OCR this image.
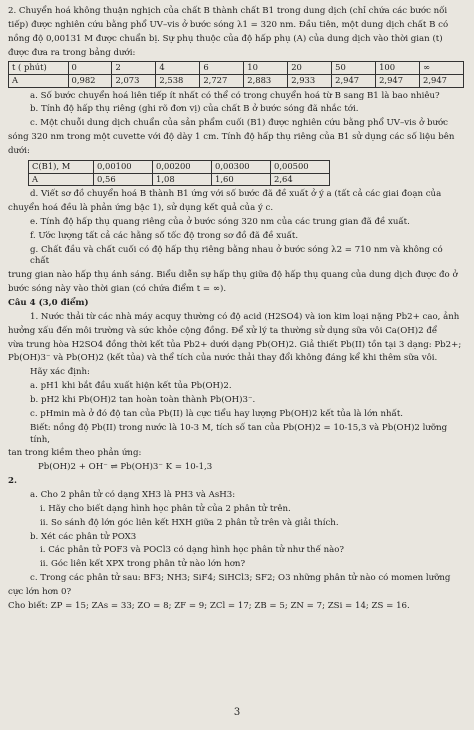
2. Chuyển hoá không thuận nghịch của chất B thành chất B1 trong dung dịch (chỉ chứa các bước nối

tiếp) được nghiên cứu bằng phổ UV–vis ở bước sóng λ1 = 320 nm. Đầu tiên, một dung dịch chất B có

nồng độ 0,00131 M được chuẩn bị. Sự phụ thuộc của độ hấp phụ (A) của dung dịch vào thời gian (t)

được đưa ra trong bảng dưới:

t ( phút)	0	2	4	6	10	20	50	100	∞
A	0,982	2,073	2,538	2,727	2,883	2,933	2,947	2,947	2,947

a. Số bước chuyển hoá liên tiếp ít nhất có thể có trong chuyển hoá từ B sang B1 là bao nhiêu?

b. Tính độ hấp thụ riêng (ghi rõ đơn vị) của chất B ở bước sóng đã nhắc tới.

c. Một chuỗi dung dịch chuẩn của sản phẩm cuối (B1) được nghiên cứu bằng phổ UV–vis ở bước

sóng 320 nm trong một cuvette với độ dày 1 cm. Tính độ hấp thụ riêng của B1 sử dụng các số liệu bên

dưới:

C(B1), M	0,00100	0,00200	0,00300	0,00500
A	0,56	1,08	1,60	2,64

d. Viết sơ đồ chuyển hoá B thành B1 ứng với số bước đã đề xuất ở ý a (tất cả các giai đoạn của

chuyển hoá đều là phản ứng bậc 1), sử dụng kết quả của ý c.

e. Tính độ hấp thụ quang riêng của ở bước sóng 320 nm của các trung gian đã đề xuất.

f. Ước lượng tất cả các hằng số tốc độ trong sơ đồ đã đề xuất.

g. Chất đầu và chất cuối có độ hấp thụ riêng bằng nhau ở bước sóng λ2 = 710 nm và không có chất

trung gian nào hấp thụ ánh sáng. Biểu diễn sự hấp thụ giữa độ hấp thụ quang của dung dịch được đo ở

bước sóng này vào thời gian (có chứa điểm t = ∞).

Câu 4 (3,0 điểm)

1. Nước thải từ các nhà máy acquy thường có độ acid (H2SO4) và ion kim loại nặng Pb2+ cao, ảnh

hưởng xấu đến môi trường và sức khỏe cộng đồng. Để xử lý ta thường sử dụng sữa vôi Ca(OH)2 để

vừa trung hòa H2SO4 đồng thời kết tủa Pb2+ dưới dạng Pb(OH)2. Giả thiết Pb(II) tồn tại 3 dạng: Pb2+;

Pb(OH)3⁻ và Pb(OH)2 (kết tủa) và thể tích của nước thải thay đổi không đáng kể khi thêm sữa vôi.

Hãy xác định:

a. pH1 khi bắt đầu xuất hiện kết tủa Pb(OH)2.

b. pH2 khi Pb(OH)2 tan hoàn toàn thành Pb(OH)3⁻.

c. pHmin mà ở đó độ tan của Pb(II) là cực tiểu hay lượng Pb(OH)2 kết tủa là lớn nhất.

Biết: nồng độ Pb(II) trong nước là 10-3 M, tích số tan của Pb(OH)2 = 10-15,3 và Pb(OH)2 lưỡng tính,

tan trong kiềm theo phản ứng:

Pb(OH)2 + OH⁻ ⇌ Pb(OH)3⁻ K = 10-1,3

2.

a. Cho 2 phân tử có dạng XH3 là PH3 và AsH3:

i. Hãy cho biết dạng hình học phân tử của 2 phân tử trên.

ii. So sánh độ lớn góc liên kết HXH giữa 2 phân tử trên và giải thích.

b. Xét các phân tử POX3

i. Các phân tử POF3 và POCl3 có dạng hình học phân tử như thế nào?

ii. Góc liên kết XPX trong phân tử nào lớn hơn?

c. Trong các phân tử sau: BF3; NH3; SiF4; SiHCl3; SF2; O3 những phân tử nào có momen lưỡng

cực lớn hơn 0?

Cho biết: ZP = 15; ZAs = 33; ZO = 8; ZF = 9; ZCl = 17; ZB = 5; ZN = 7; ZSi = 14; ZS = 16.

3
